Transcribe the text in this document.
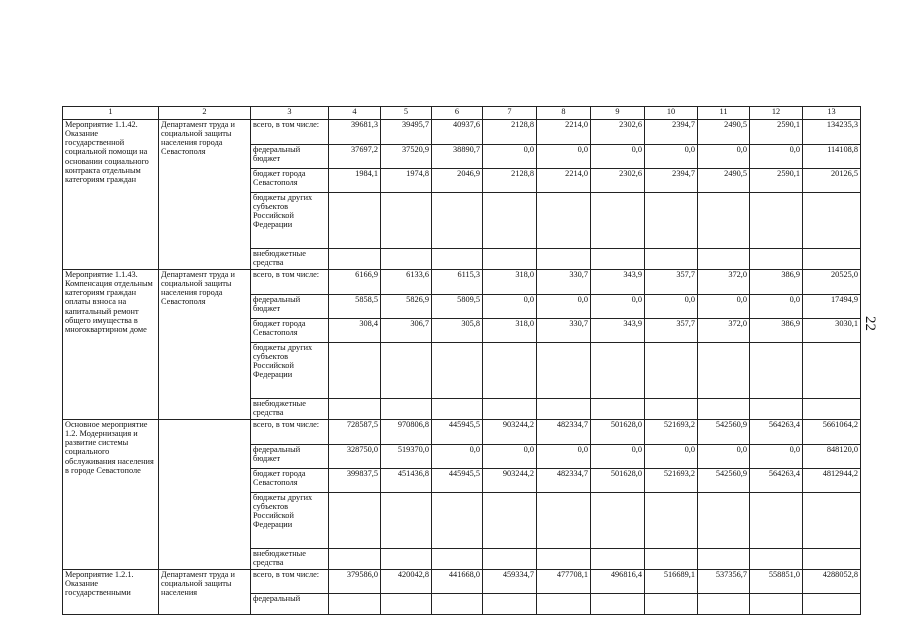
1	2	3	4	5	6	7	8	9	10	11	12	13
Мероприятие 1.1.42. Оказание государственной социальной помощи на основании социального контракта отдельным категориям граждан	Департамент труда и социальной защиты населения города Севастополя	всего, в том числе:	39681,3	39495,7	40937,6	2128,8	2214,0	2302,6	2394,7	2490,5	2590,1	134235,3
		федеральный бюджет	37697,2	37520,9	38890,7	0,0	0,0	0,0	0,0	0,0	0,0	114108,8
		бюджет города Севастополя	1984,1	1974,8	2046,9	2128,8	2214,0	2302,6	2394,7	2490,5	2590,1	20126,5
		бюджеты других субъектов Российской Федерации										
		внебюджетные средства										
Мероприятие 1.1.43. Компенсация отдельным категориям граждан оплаты взноса на капитальный ремонт общего имущества в многоквартирном доме	Департамент труда и социальной защиты населения города Севастополя	всего, в том числе:	6166,9	6133,6	6115,3	318,0	330,7	343,9	357,7	372,0	386,9	20525,0
		федеральный бюджет	5858,5	5826,9	5809,5	0,0	0,0	0,0	0,0	0,0	0,0	17494,9
		бюджет города Севастополя	308,4	306,7	305,8	318,0	330,7	343,9	357,7	372,0	386,9	3030,1
		бюджеты других субъектов Российской Федерации										
		внебюджетные средства										
Основное мероприятие 1.2. Модернизация и развитие системы социального обслуживания населения в городе Севастополе		всего, в том числе:	728587,5	970806,8	445945,5	903244,2	482334,7	501628,0	521693,2	542560,9	564263,4	5661064,2
		федеральный бюджет	328750,0	519370,0	0,0	0,0	0,0	0,0	0,0	0,0	0,0	848120,0
		бюджет города Севастополя	399837,5	451436,8	445945,5	903244,2	482334,7	501628,0	521693,2	542560,9	564263,4	4812944,2
		бюджеты других субъектов Российской Федерации										
		внебюджетные средства										
Мероприятие 1.2.1. Оказание государственными	Департамент труда и социальной защиты населения	всего, в том числе:	379586,0	420042,8	441668,0	459334,7	477708,1	496816,4	516689,1	537356,7	558851,0	4288052,8
		федеральный										
22
